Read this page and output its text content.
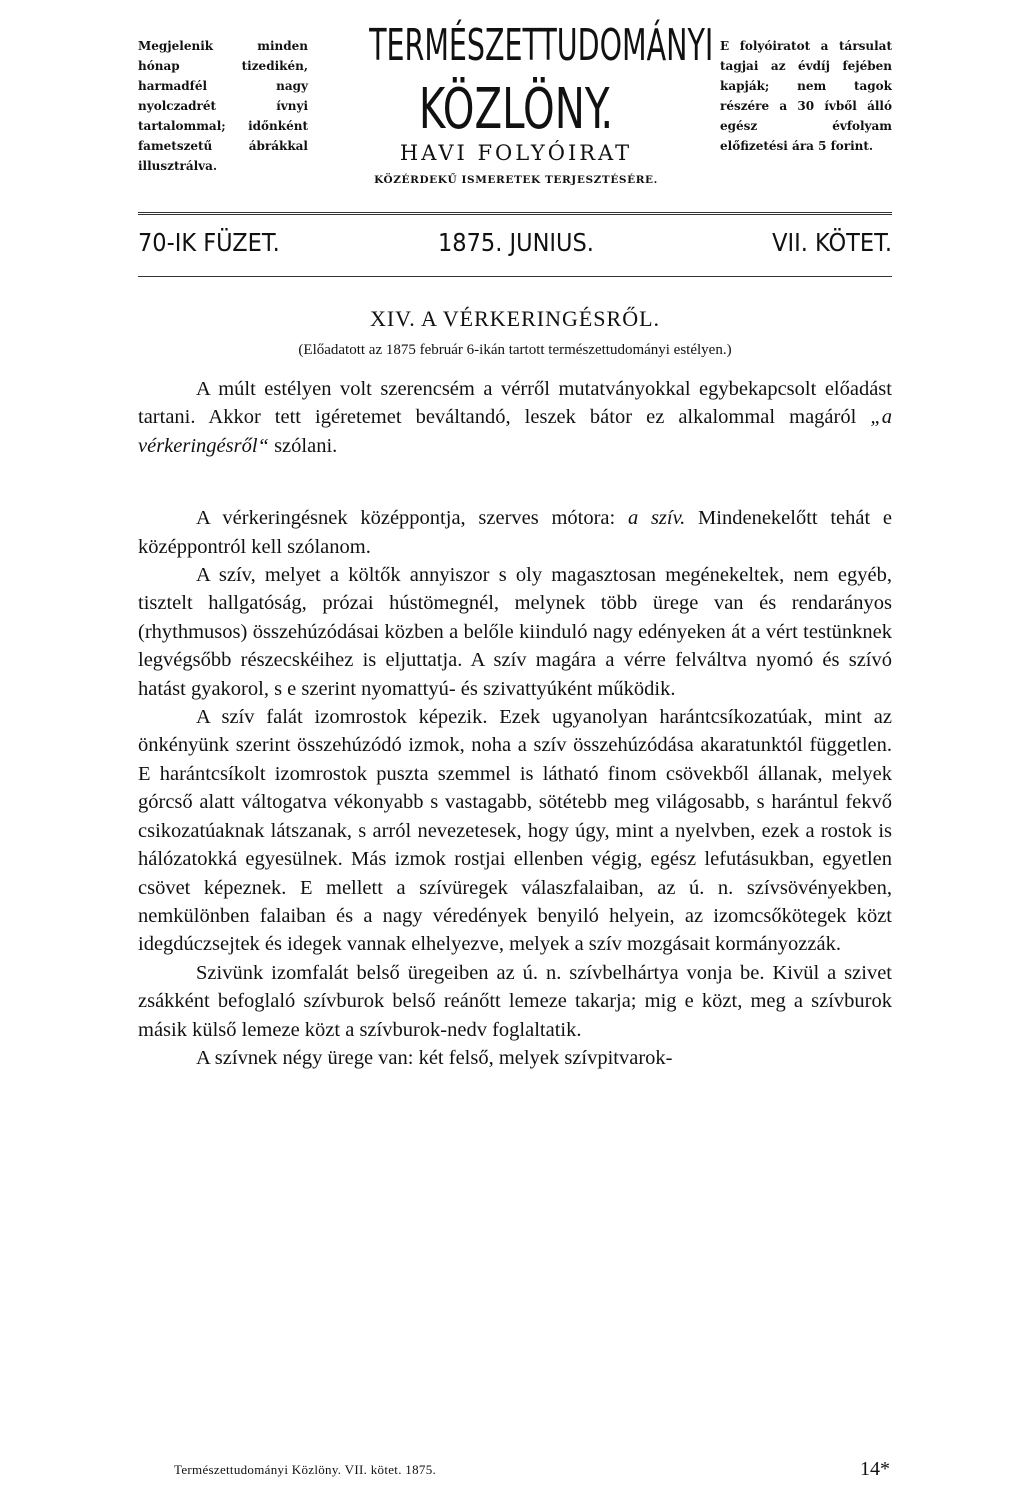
Megjelenik minden hónap tizedikén, harmadfél nagy nyolczadrét ívnyi tartalommal; időnként fametszetű ábrákkal illusztrálva.
TERMÉSZETTUDOMÁNYI
KÖZLÖNY.
HAVI FOLYÓIRAT
KÖZÉRDEKŰ ISMERETEK TERJESZTÉSÉRE.
E folyóiratot a társulat tagjai az évdíj fejében kapják; nem tagok részére a 30 ívből álló egész évfolyam előfizetési ára 5 forint.
70-IK FÜZET.	1875. JUNIUS.	VII. KÖTET.
XIV. A VÉRKERINGÉSRŐL.

(Előadatott az 1875 február 6-ikán tartott természettudományi estélyen.)

A múlt estélyen volt szerencsém a vérről mutatványokkal egybekapcsolt előadást tartani. Akkor tett igéretemet beváltandó, leszek bátor ez alkalommal magáról „a vérkeringésről“ szólani.

A vérkeringésnek középpontja, szerves mótora: a szív. Mindenekelőtt tehát e középpontról kell szólanom.

A szív, melyet a költők annyiszor s oly magasztosan megénekeltek, nem egyéb, tisztelt hallgatóság, prózai hústömegnél, melynek több ürege van és rendarányos (rhythmusos) összehúzódásai közben a belőle kiinduló nagy edényeken át a vért testünknek legvégsőbb részecskéihez is eljuttatja. A szív magára a vérre felváltva nyomó és szívó hatást gyakorol, s e szerint nyomattyú- és szivattyúként működik.

A szív falát izomrostok képezik. Ezek ugyanolyan harántcsíkozatúak, mint az önkényünk szerint összehúzódó izmok, noha a szív összehúzódása akaratunktól független. E harántcsíkolt izomrostok puszta szemmel is látható finom csövekből állanak, melyek górcső alatt váltogatva vékonyabb s vastagabb, sötétebb meg világosabb, s harántul fekvő csikozatúaknak látszanak, s arról nevezetesek, hogy úgy, mint a nyelvben, ezek a rostok is hálózatokká egyesülnek. Más izmok rostjai ellenben végig, egész lefutásukban, egyetlen csövet képeznek. E mellett a szívüregek válaszfalaiban, az ú. n. szívsövényekben, nemkülönben falaiban és a nagy véredények benyiló helyein, az izomcsőkötegek közt idegdúczsejtek és idegek vannak elhelyezve, melyek a szív mozgásait kormányozzák.

Szivünk izomfalát belső üregeiben az ú. n. szívbelhártya vonja be. Kivül a szivet zsákként befoglaló szívburok belső reánőtt lemeze takarja; mig e közt, meg a szívburok másik külső lemeze közt a szívburok-nedv foglaltatik.

A szívnek négy ürege van: két felső, melyek szívpitvarok-

Természettudományi Közlöny. VII. kötet. 1875.	14*
